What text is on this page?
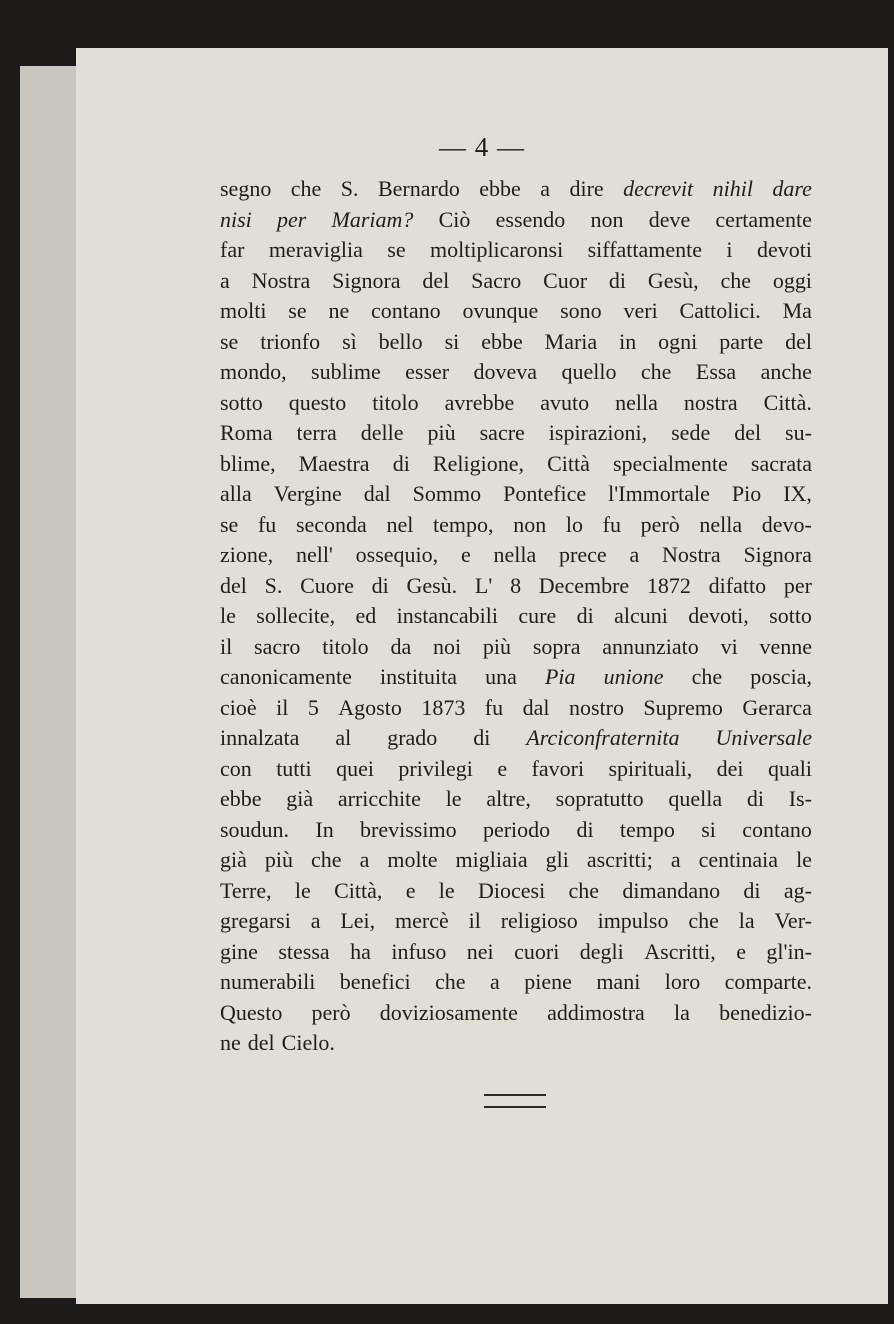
— 4 —
segno che S. Bernardo ebbe a dire decrevit nihil dare
nisi per Mariam? Ciò essendo non deve certamente
far meraviglia se moltiplicaronsi siffattamente i devoti
a Nostra Signora del Sacro Cuor di Gesù, che oggi
molti se ne contano ovunque sono veri Cattolici. Ma
se trionfo sì bello si ebbe Maria in ogni parte del
mondo, sublime esser doveva quello che Essa anche
sotto questo titolo avrebbe avuto nella nostra Città.
Roma terra delle più sacre ispirazioni, sede del su-
blime, Maestra di Religione, Città specialmente sacrata
alla Vergine dal Sommo Pontefice l'Immortale Pio IX,
se fu seconda nel tempo, non lo fu però nella devo-
zione, nell' ossequio, e nella prece a Nostra Signora
del S. Cuore di Gesù. L' 8 Decembre 1872 difatto per
le sollecite, ed instancabili cure di alcuni devoti, sotto
il sacro titolo da noi più sopra annunziato vi venne
canonicamente instituita una Pia unione che poscia,
cioè il 5 Agosto 1873 fu dal nostro Supremo Gerarca
innalzata al grado di Arciconfraternita Universale
con tutti quei privilegi e favori spirituali, dei quali
ebbe già arricchite le altre, sopratutto quella di Is-
soudun. In brevissimo periodo di tempo si contano
già più che a molte migliaia gli ascritti; a centinaia le
Terre, le Città, e le Diocesi che dimandano di ag-
gregarsi a Lei, mercè il religioso impulso che la Ver-
gine stessa ha infuso nei cuori degli Ascritti, e gl'in-
numerabili benefici che a piene mani loro comparte.
Questo però doviziosamente addimostra la benedizio-
ne del Cielo.
